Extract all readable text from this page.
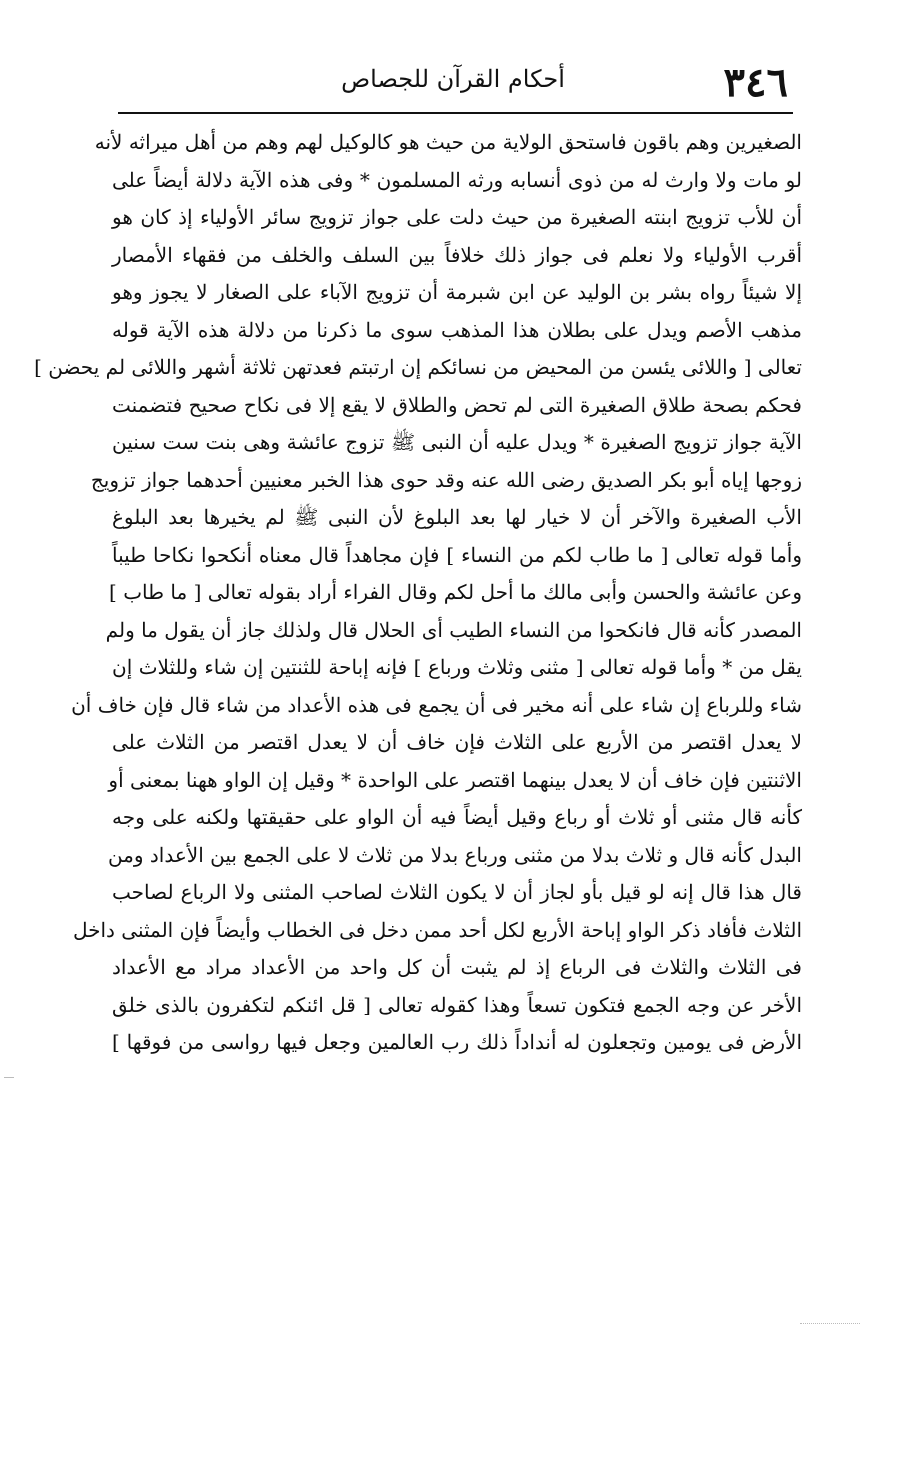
٣٤٦
أحكام القرآن للجصاص
الصغيرين وهم باقون فاستحق الولاية من حيث هو كالوكيل لهم وهم من أهل ميراثه لأنه
لو مات ولا وارث له من ذوى أنسابه ورثه المسلمون * وفى هذه الآية دلالة أيضاً على
أن للأب تزويج ابنته الصغيرة من حيث دلت على جواز تزويج سائر الأولياء إذ كان هو
أقرب الأولياء ولا نعلم فى جواز ذلك خلافاً بين السلف والخلف من فقهاء الأمصار
إلا شيئاً رواه بشر بن الوليد عن ابن شبرمة أن تزويج الآباء على الصغار لا يجوز وهو
مذهب الأصم ويدل على بطلان هذا المذهب سوى ما ذكرنا من دلالة هذه الآية قوله
تعالى [ واللائى يئسن من المحيض من نسائكم إن ارتبتم فعدتهن ثلاثة أشهر واللائى لم يحضن ]
فحكم بصحة طلاق الصغيرة التى لم تحض والطلاق لا يقع إلا فى نكاح صحيح فتضمنت
الآية جواز تزويج الصغيرة * ويدل عليه أن النبى ﷺ تزوج عائشة وهى بنت ست سنين
زوجها إياه أبو بكر الصديق رضى الله عنه وقد حوى هذا الخبر معنيين أحدهما جواز تزويج
الأب الصغيرة والآخر أن لا خيار لها بعد البلوغ لأن النبى ﷺ لم يخيرها بعد البلوغ
وأما قوله تعالى [ ما طاب لكم من النساء ] فإن مجاهداً قال معناه أنكحوا نكاحا طيباً
وعن عائشة والحسن وأبى مالك ما أحل لكم وقال الفراء أراد بقوله تعالى [ ما طاب ]
المصدر كأنه قال فانكحوا من النساء الطيب أى الحلال قال ولذلك جاز أن يقول ما ولم
يقل من * وأما قوله تعالى [ مثنى وثلاث ورباع ] فإنه إباحة للثنتين إن شاء وللثلاث إن
شاء وللرباع إن شاء على أنه مخير فى أن يجمع فى هذه الأعداد من شاء قال فإن خاف أن
لا يعدل اقتصر من الأربع على الثلاث فإن خاف أن لا يعدل اقتصر من الثلاث على
الاثنتين فإن خاف أن لا يعدل بينهما اقتصر على الواحدة * وقيل إن الواو ههنا بمعنى أو
كأنه قال مثنى أو ثلاث أو رباع وقيل أيضاً فيه أن الواو على حقيقتها ولكنه على وجه
البدل كأنه قال و ثلاث بدلا من مثنى ورباع بدلا من ثلاث لا على الجمع بين الأعداد ومن
قال هذا قال إنه لو قيل بأو لجاز أن لا يكون الثلاث لصاحب المثنى ولا الرباع لصاحب
الثلاث فأفاد ذكر الواو إباحة الأربع لكل أحد ممن دخل فى الخطاب وأيضاً فإن المثنى داخل
فى الثلاث والثلاث فى الرباع إذ لم يثبت أن كل واحد من الأعداد مراد مع الأعداد
الأخر عن وجه الجمع فتكون تسعاً وهذا كقوله تعالى [ قل ائنكم لتكفرون بالذى خلق
الأرض فى يومين وتجعلون له أنداداً ذلك رب العالمين وجعل فيها رواسى من فوقها ]
